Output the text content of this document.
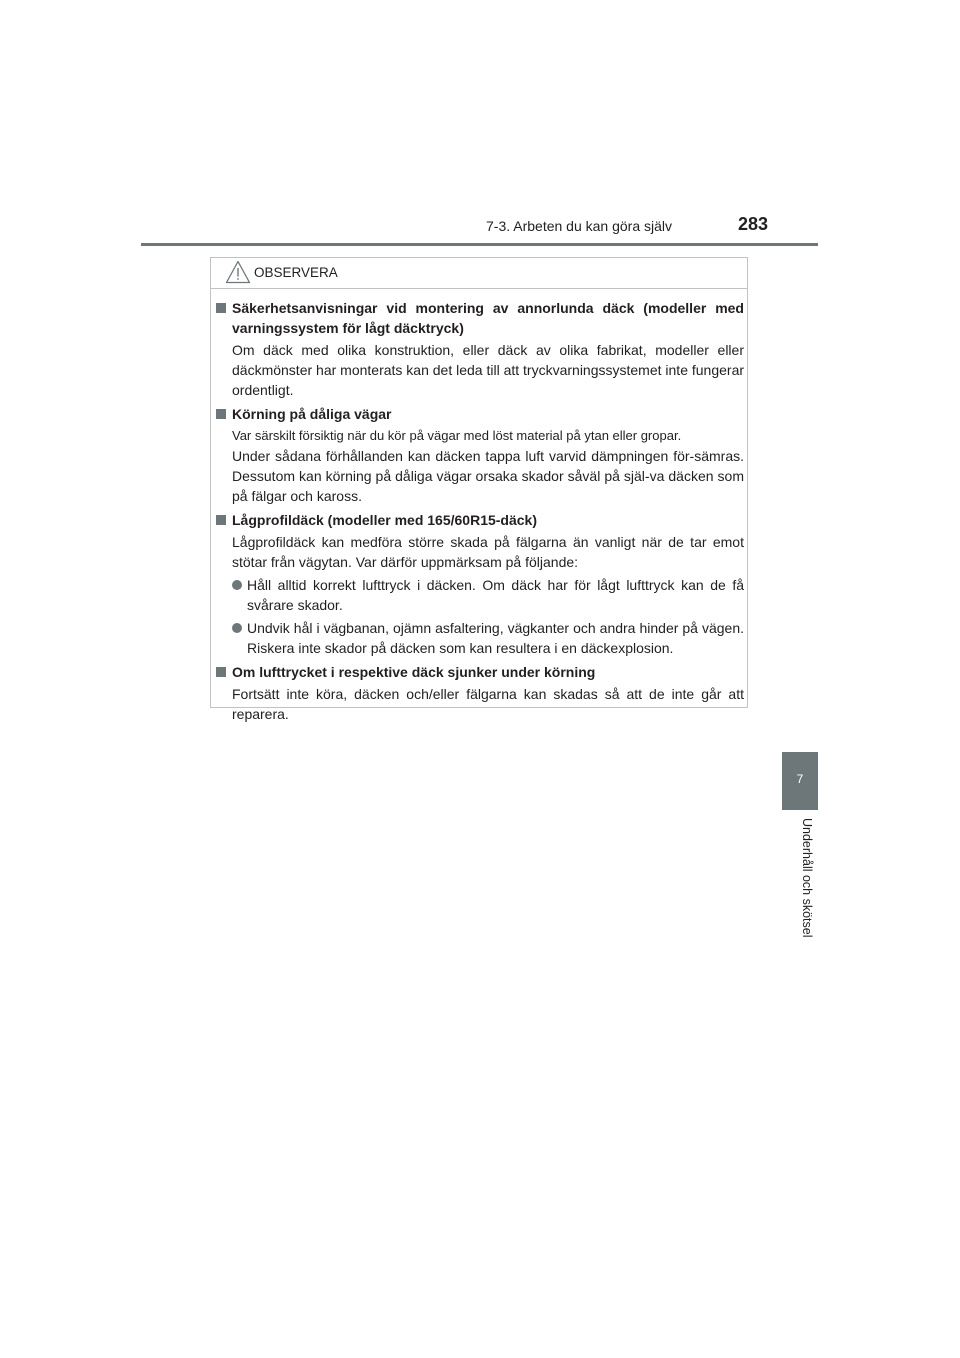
7-3. Arbeten du kan göra själv	283
7
Underhåll och skötsel
OBSERVERA
Säkerhetsanvisningar vid montering av annorlunda däck (modeller med varningssystem för lågt däcktryck)
Om däck med olika konstruktion, eller däck av olika fabrikat, modeller eller däckmönster har monterats kan det leda till att tryckvarningssystemet inte fungerar ordentligt.
Körning på dåliga vägar
Var särskilt försiktig när du kör på vägar med löst material på ytan eller gropar.
Under sådana förhållanden kan däcken tappa luft varvid dämpningen för-sämras. Dessutom kan körning på dåliga vägar orsaka skador såväl på själ-va däcken som på fälgar och kaross.
Lågprofildäck (modeller med 165/60R15-däck)
Lågprofildäck kan medföra större skada på fälgarna än vanligt när de tar emot stötar från vägytan. Var därför uppmärksam på följande:
Håll alltid korrekt lufttryck i däcken. Om däck har för lågt lufttryck kan de få svårare skador.
Undvik hål i vägbanan, ojämn asfaltering, vägkanter och andra hinder på vägen. Riskera inte skador på däcken som kan resultera i en däckexplosion.
Om lufttrycket i respektive däck sjunker under körning
Fortsätt inte köra, däcken och/eller fälgarna kan skadas så att de inte går att reparera.
